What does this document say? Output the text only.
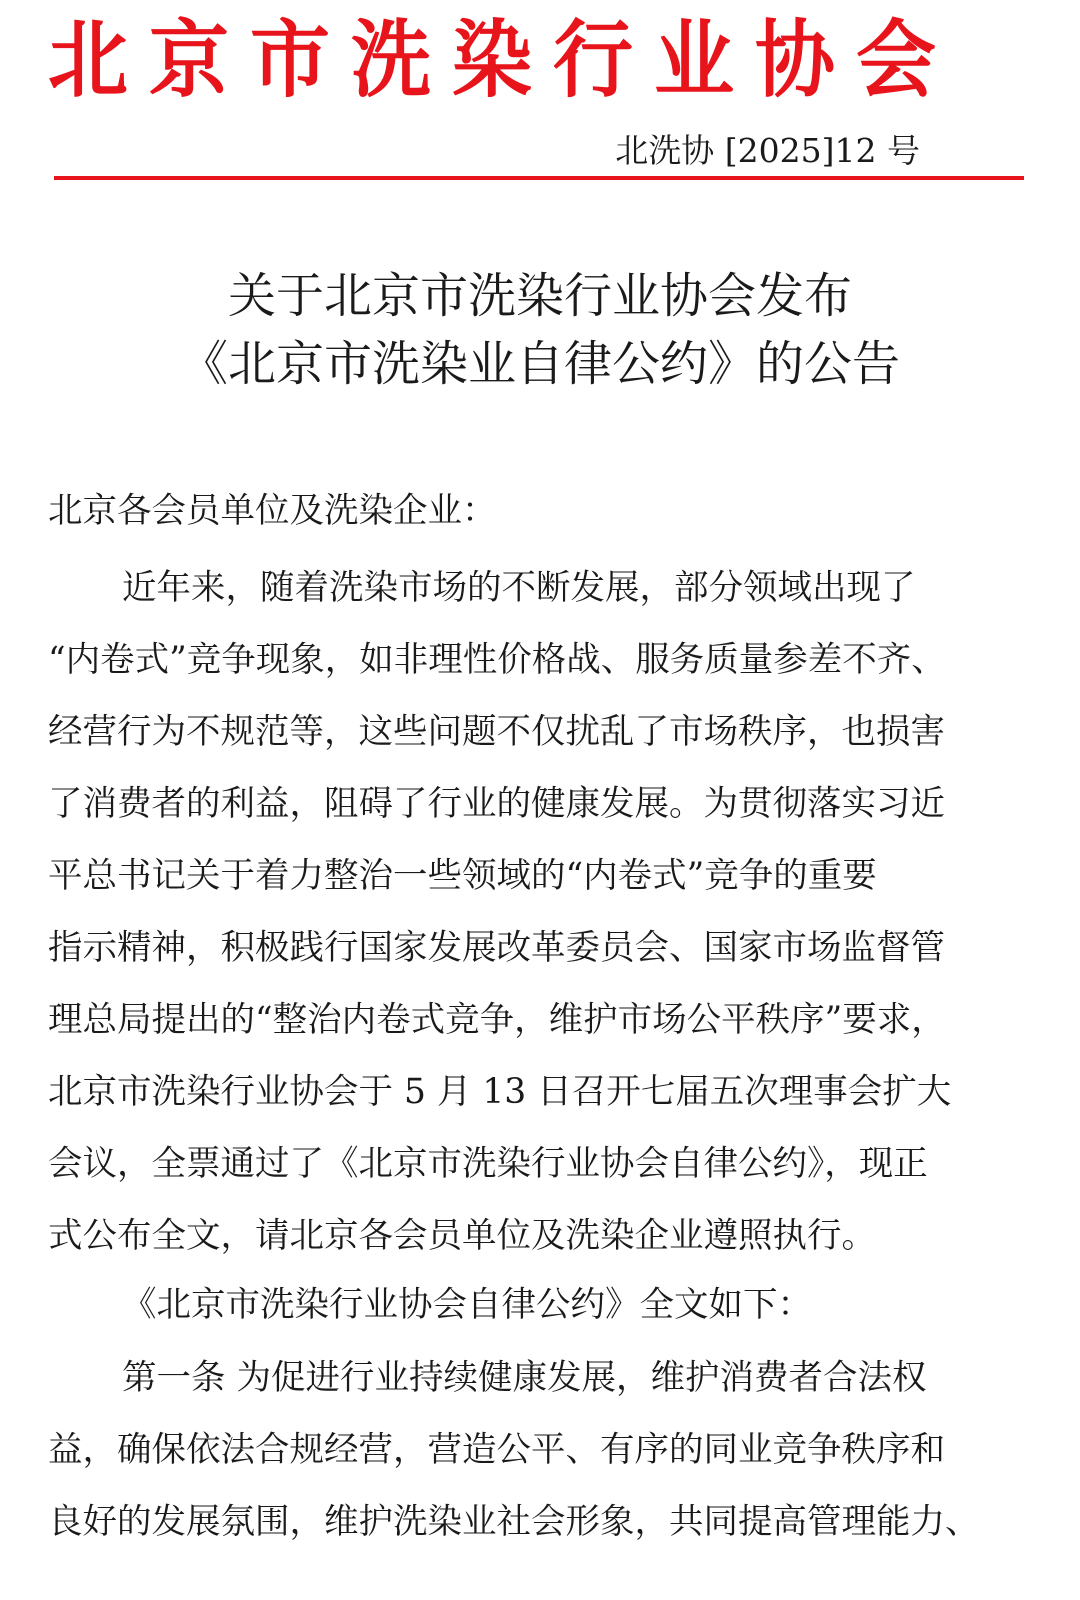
北京市洗染行业协会
北洗协 [2025]12 号
关于北京市洗染行业协会发布
《北京市洗染业自律公约》的公告
北京各会员单位及洗染企业：
近年来，随着洗染市场的不断发展，部分领域出现了
“内卷式”竞争现象，如非理性价格战、服务质量参差不齐、
经营行为不规范等，这些问题不仅扰乱了市场秩序，也损害
了消费者的利益，阻碍了行业的健康发展。为贯彻落实习近
平总书记关于着力整治一些领域的“内卷式”竞争的重要
指示精神，积极践行国家发展改革委员会、国家市场监督管
理总局提出的“整治内卷式竞争，维护市场公平秩序”要求，
北京市洗染行业协会于 5 月 13 日召开七届五次理事会扩大
会议，全票通过了《北京市洗染行业协会自律公约》，现正
式公布全文，请北京各会员单位及洗染企业遵照执行。
《北京市洗染行业协会自律公约》全文如下：
第一条 为促进行业持续健康发展，维护消费者合法权
益，确保依法合规经营，营造公平、有序的同业竞争秩序和
良好的发展氛围，维护洗染业社会形象，共同提高管理能力、
